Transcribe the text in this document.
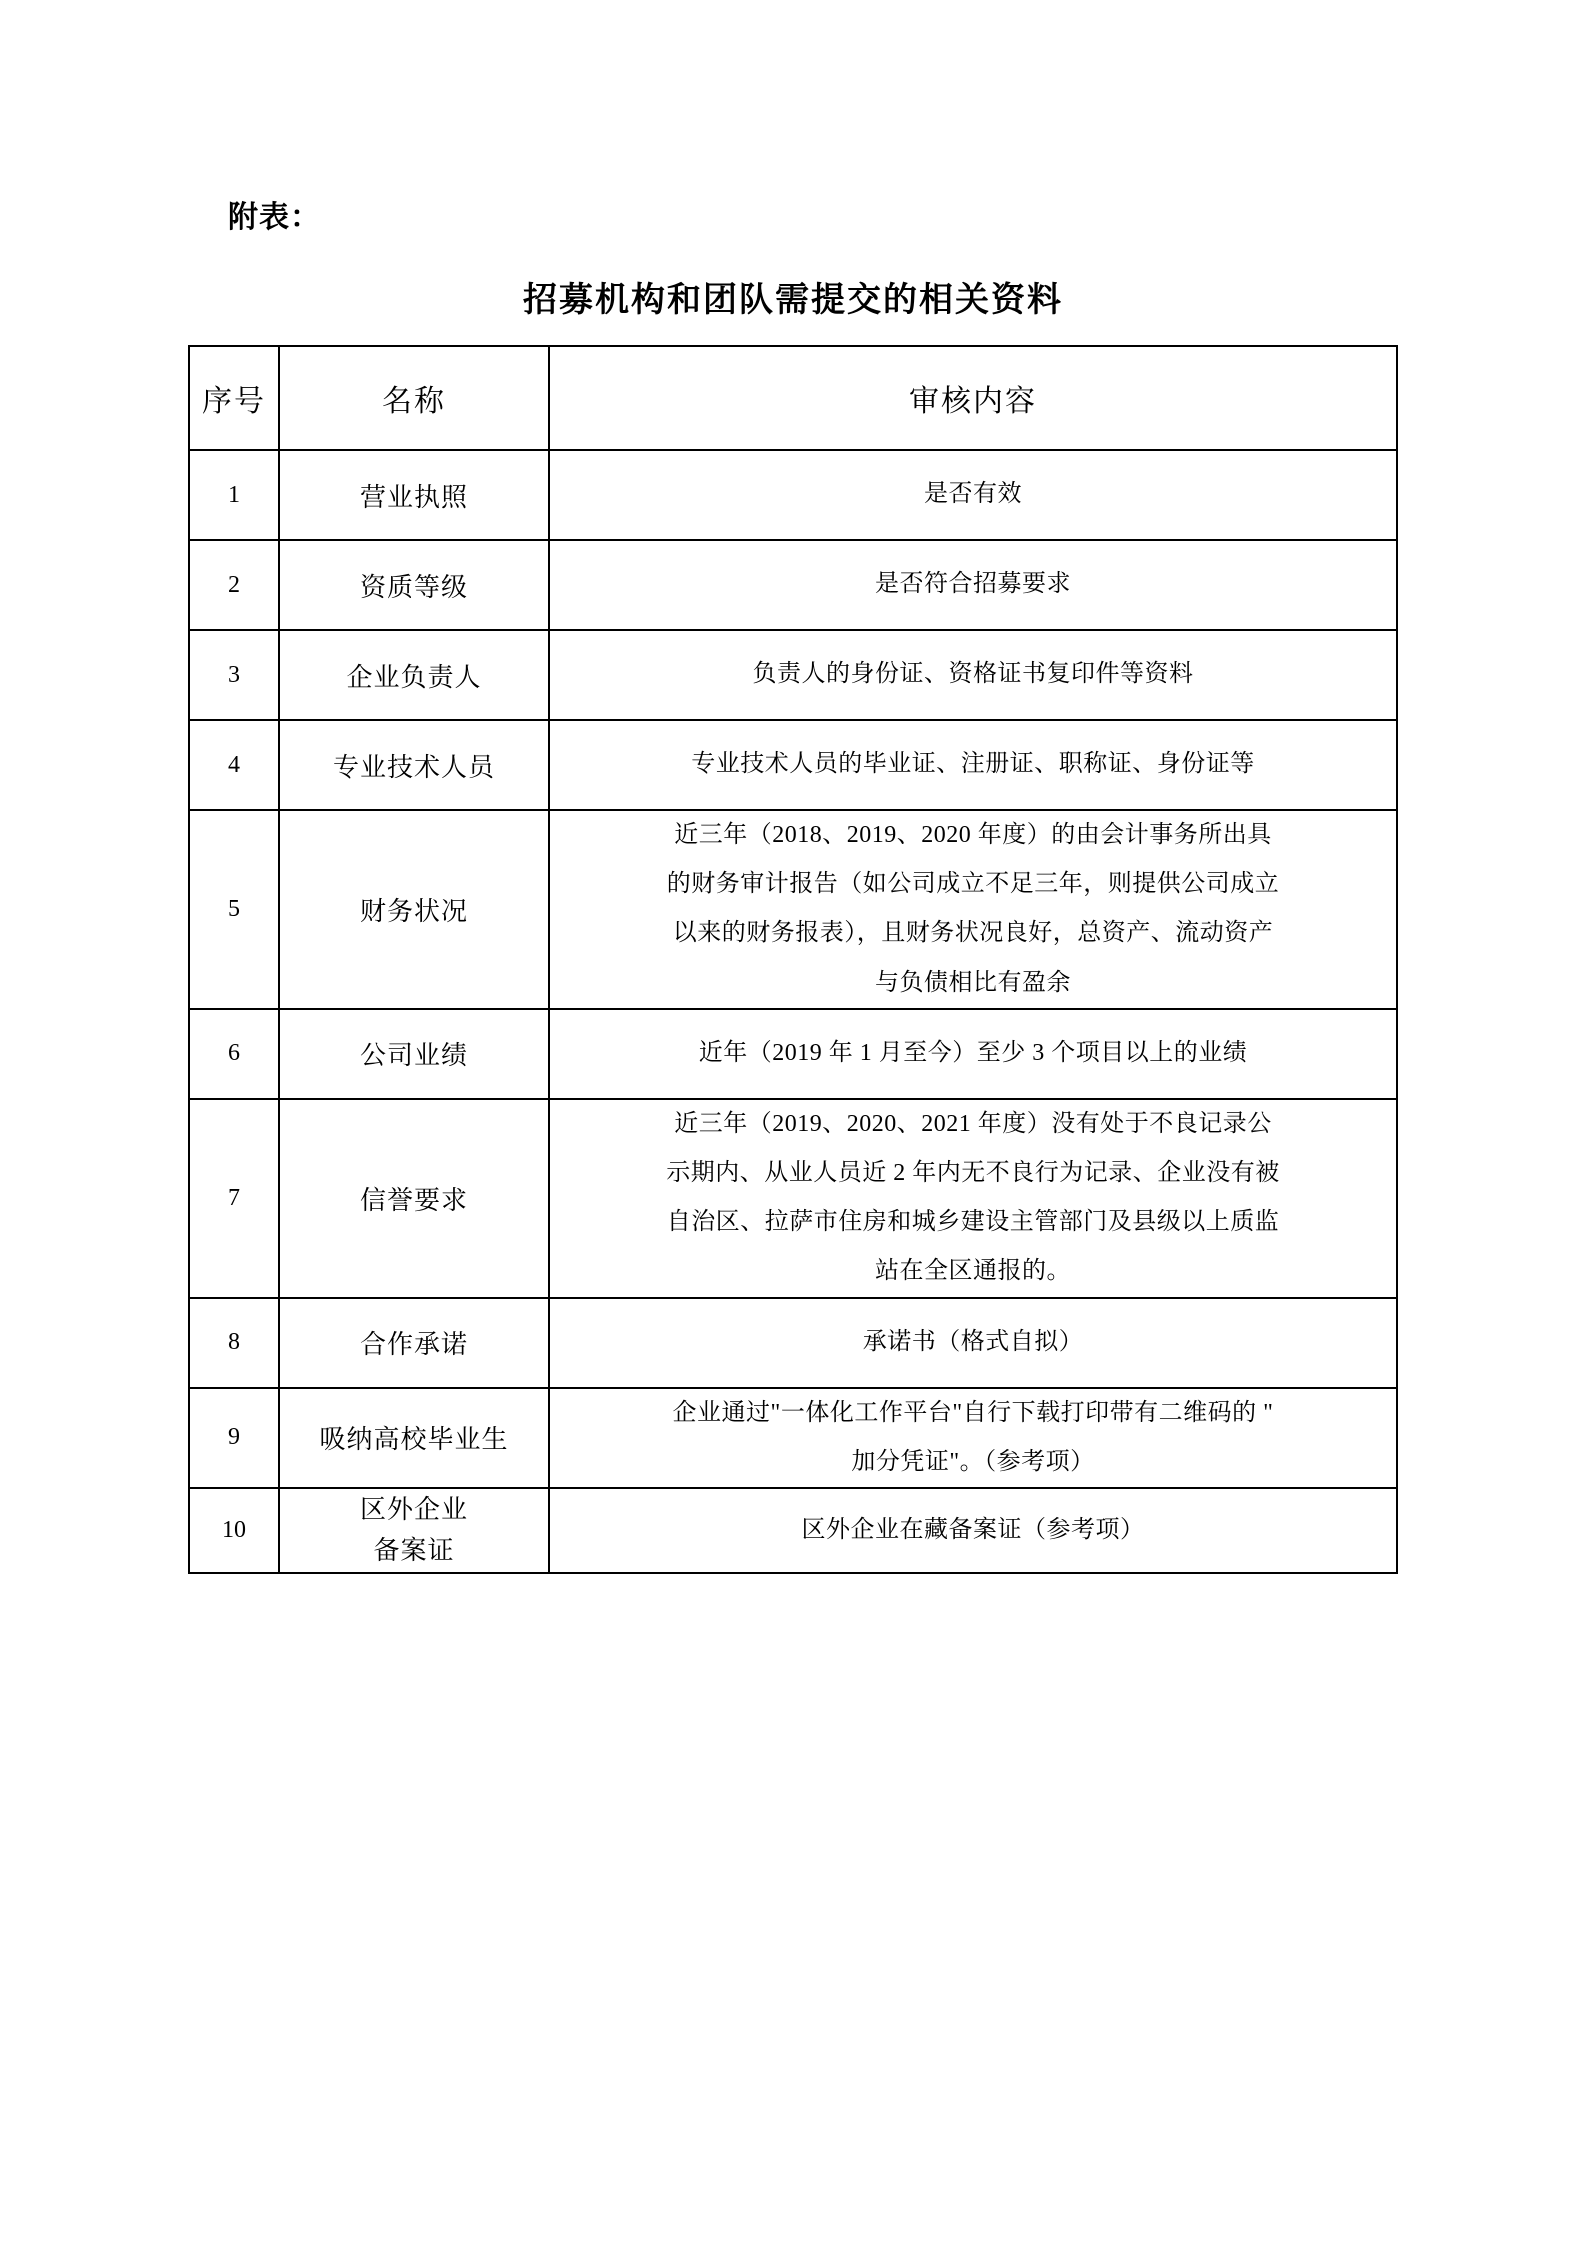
附表：
招募机构和团队需提交的相关资料
序号	名称	审核内容
1	营业执照	是否有效
2	资质等级	是否符合招募要求
3	企业负责人	负责人的身份证、资格证书复印件等资料
4	专业技术人员	专业技术人员的毕业证、注册证、职称证、身份证等
5	财务状况	近三年（2018、2019、2020 年度）的由会计事务所出具
的财务审计报告（如公司成立不足三年，则提供公司成立
以来的财务报表），且财务状况良好，总资产、流动资产
与负债相比有盈余

6	公司业绩	近年（2019 年 1 月至今）至少 3 个项目以上的业绩
7	信誉要求	近三年（2019、2020、2021 年度）没有处于不良记录公
示期内、从业人员近 2 年内无不良行为记录、企业没有被
自治区、拉萨市住房和城乡建设主管部门及县级以上质监
站在全区通报的。

8	合作承诺	承诺书（格式自拟）
9	吸纳高校毕业生	企业通过"一体化工作平台"自行下载打印带有二维码的 "
加分凭证"。（参考项）

10	区外企业
备案证	区外企业在藏备案证（参考项）
